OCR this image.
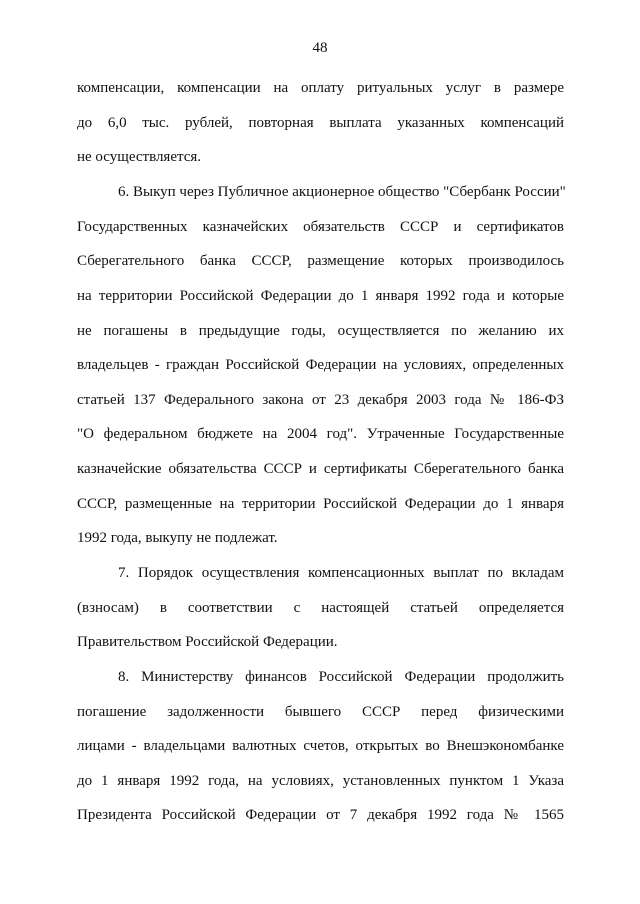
48
компенсации, компенсации на оплату ритуальных услуг в размере
до 6,0 тыс. рублей, повторная выплата указанных компенсаций
не осуществляется.
6. Выкуп через Публичное акционерное общество "Сбербанк России"
Государственных казначейских обязательств СССР и сертификатов
Сберегательного банка СССР, размещение которых производилось
на территории Российской Федерации до 1 января 1992 года и которые
не погашены в предыдущие годы, осуществляется по желанию их
владельцев - граждан Российской Федерации на условиях, определенных
статьей 137 Федерального закона от 23 декабря 2003 года № 186-ФЗ
"О федеральном бюджете на 2004 год". Утраченные Государственные
казначейские обязательства СССР и сертификаты Сберегательного банка
СССР, размещенные на территории Российской Федерации до 1 января
1992 года, выкупу не подлежат.
7. Порядок осуществления компенсационных выплат по вкладам
(взносам) в соответствии с настоящей статьей определяется
Правительством Российской Федерации.
8. Министерству финансов Российской Федерации продолжить
погашение задолженности бывшего СССР перед физическими
лицами - владельцами валютных счетов, открытых во Внешэкономбанке
до 1 января 1992 года, на условиях, установленных пунктом 1 Указа
Президента Российской Федерации от 7 декабря 1992 года № 1565
